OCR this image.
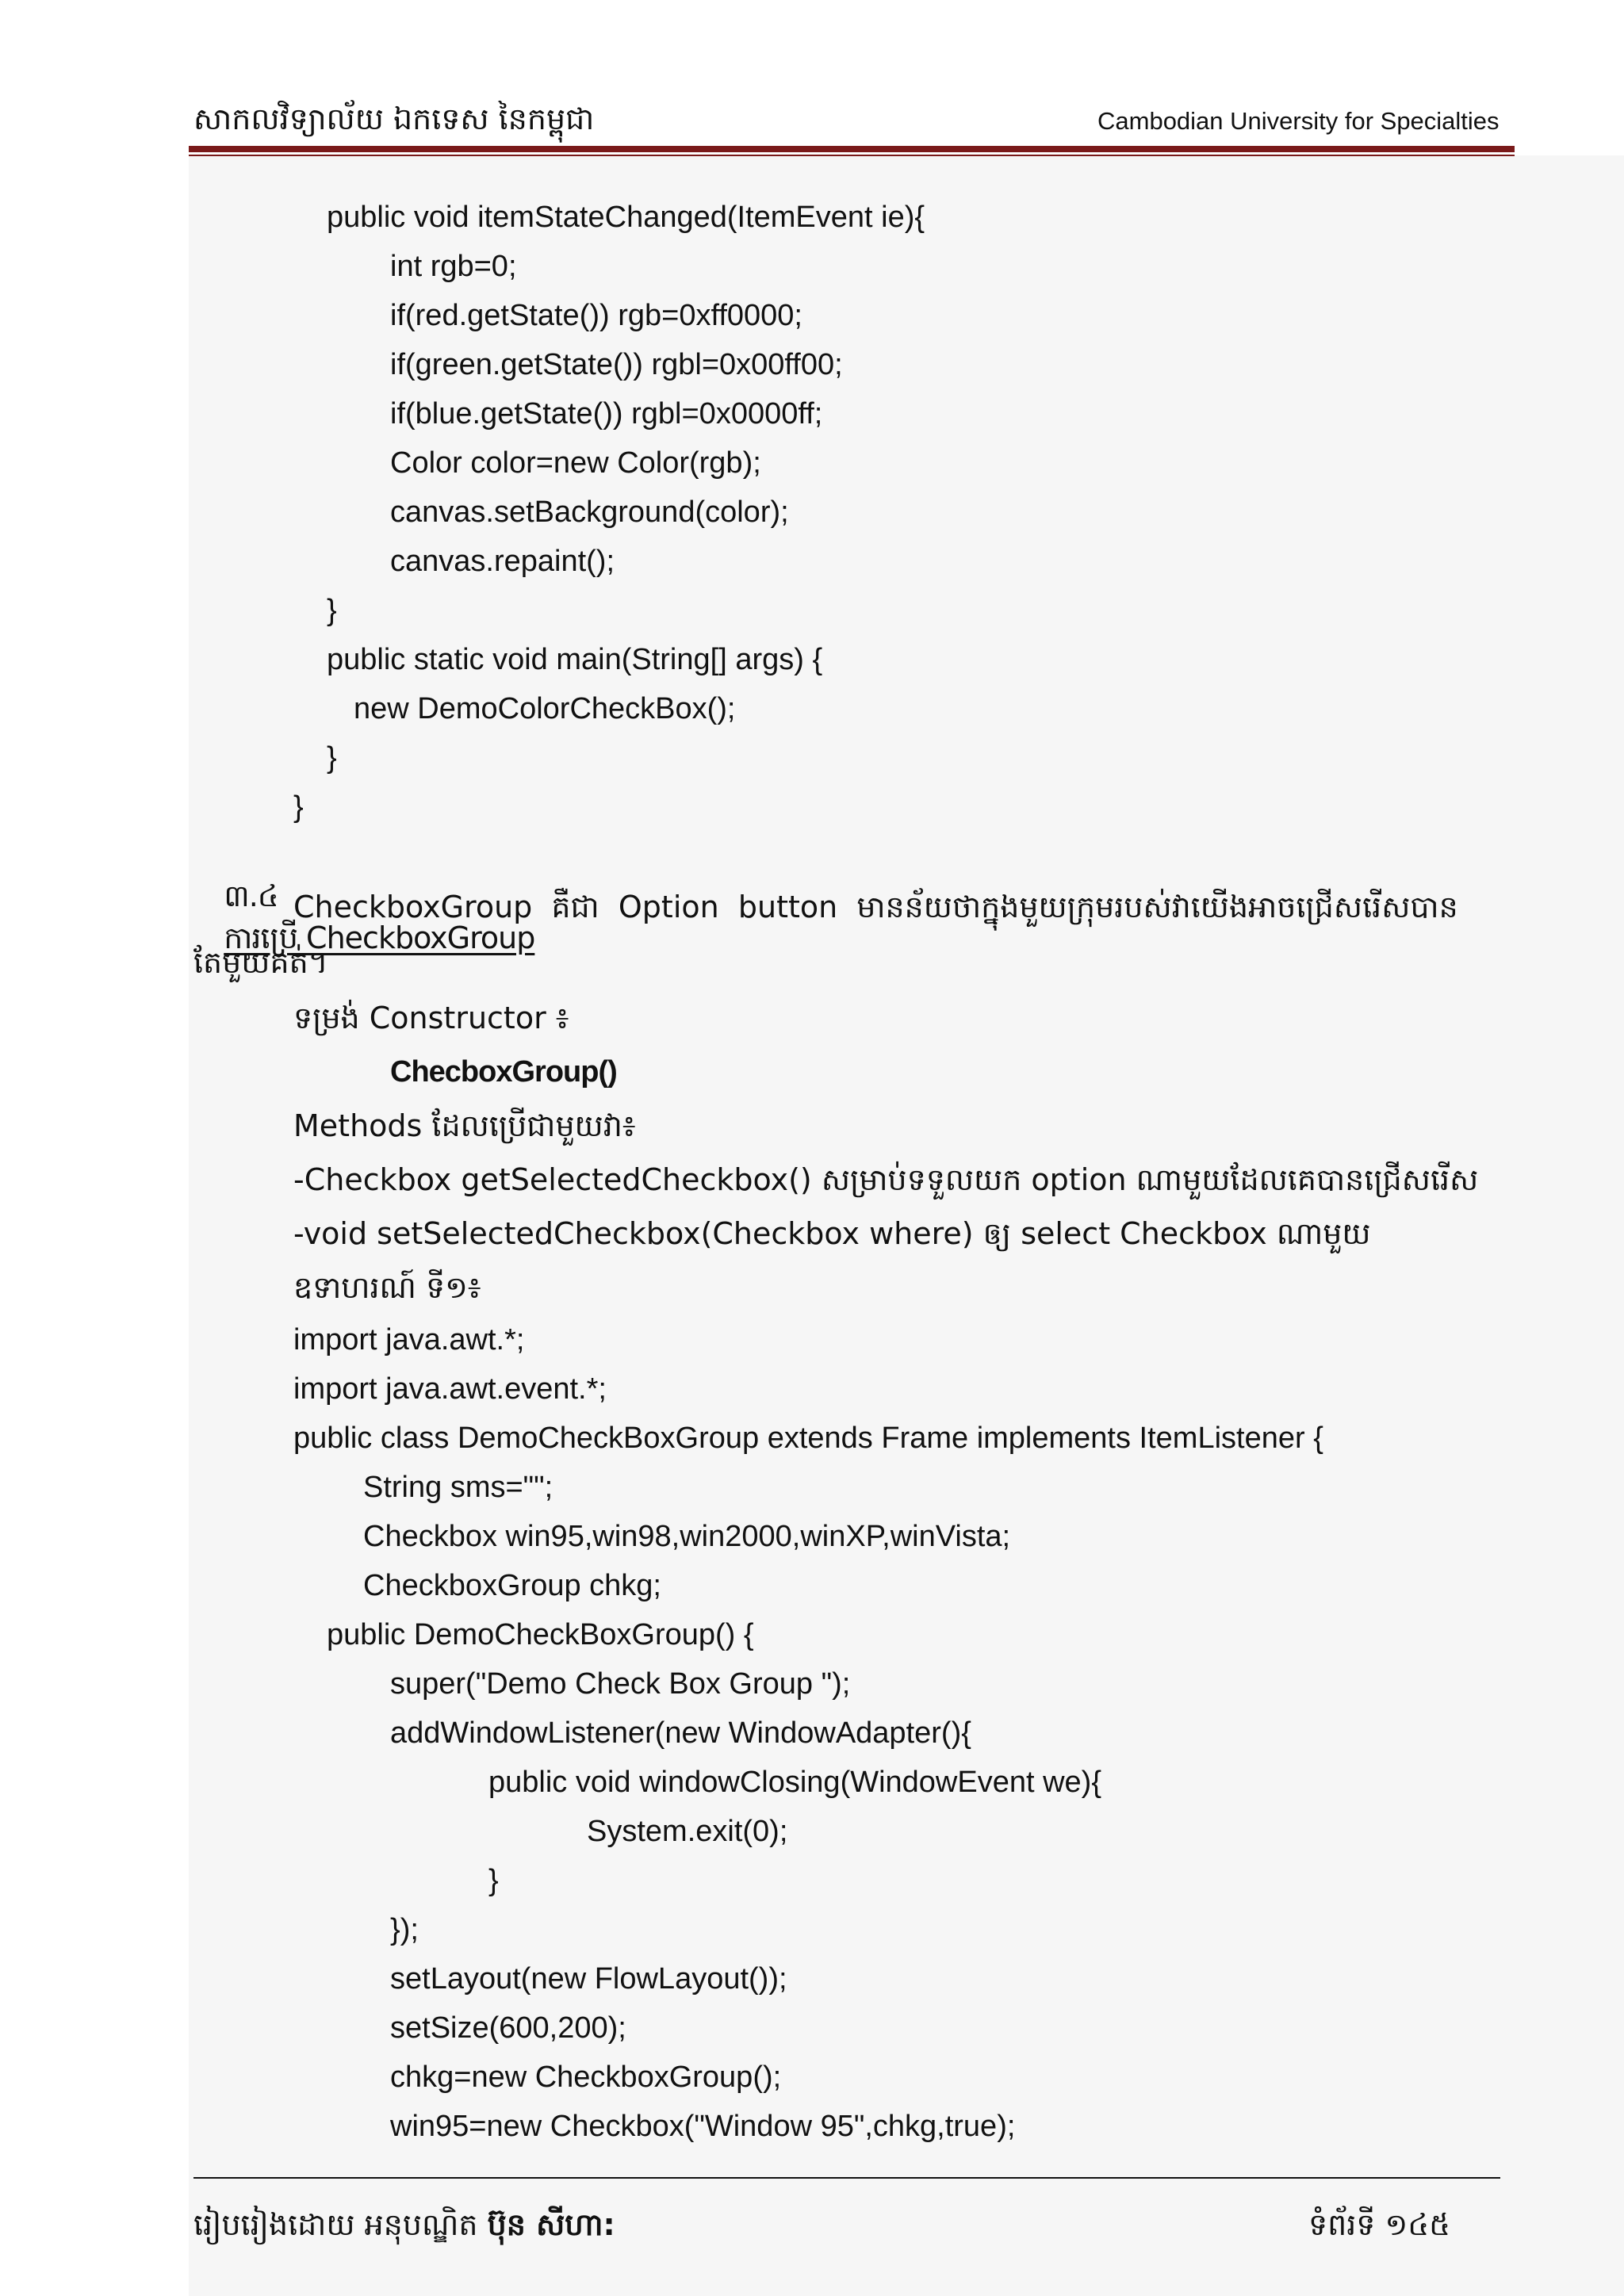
សាកលវិទ្យាល័យ ឯកទេស នៃកម្ពុជា	Cambodian University for Specialties
public void itemStateChanged(ItemEvent ie){
int rgb=0;
if(red.getState()) rgb=0xff0000;
if(green.getState()) rgbl=0x00ff00;
if(blue.getState()) rgbl=0x0000ff;
Color color=new Color(rgb);
canvas.setBackground(color);
canvas.repaint();
}
public static void main(String[] args) {
new DemoColorCheckBox();
}
}

៣.៤
ការប្រើ CheckboxGroup

CheckboxGroup  គឺជា  Option  button  មានន័យថាក្នុងមួយក្រុមរបស់វាយើងអាចជ្រើសរើសបាន
តែមួយគត់។
ទម្រង់ Constructor ៖
ChecboxGroup()
Methods ដែលប្រើជាមួយវា៖
-Checkbox getSelectedCheckbox() សម្រាប់ទទួលយក option ណាមួយដែលគេបានជ្រើសរើស
-void setSelectedCheckbox(Checkbox where) ឲ្យ select Checkbox ណាមួយ
ឧទាហរណ៍ ទី១៖
import java.awt.*;
import java.awt.event.*;
public class DemoCheckBoxGroup extends Frame implements ItemListener {
String sms="";
Checkbox win95,win98,win2000,winXP,winVista;
CheckboxGroup chkg;
public DemoCheckBoxGroup() {
super("Demo Check Box Group ");
addWindowListener(new WindowAdapter(){
public void windowClosing(WindowEvent we){
System.exit(0);
}
});
setLayout(new FlowLayout());
setSize(600,200);
chkg=new CheckboxGroup();
win95=new Checkbox("Window 95",chkg,true);
រៀបរៀងដោយ អនុបណ្ឌិត ប៊ុន សីហា:	ទំព័រទី ១៤៥
